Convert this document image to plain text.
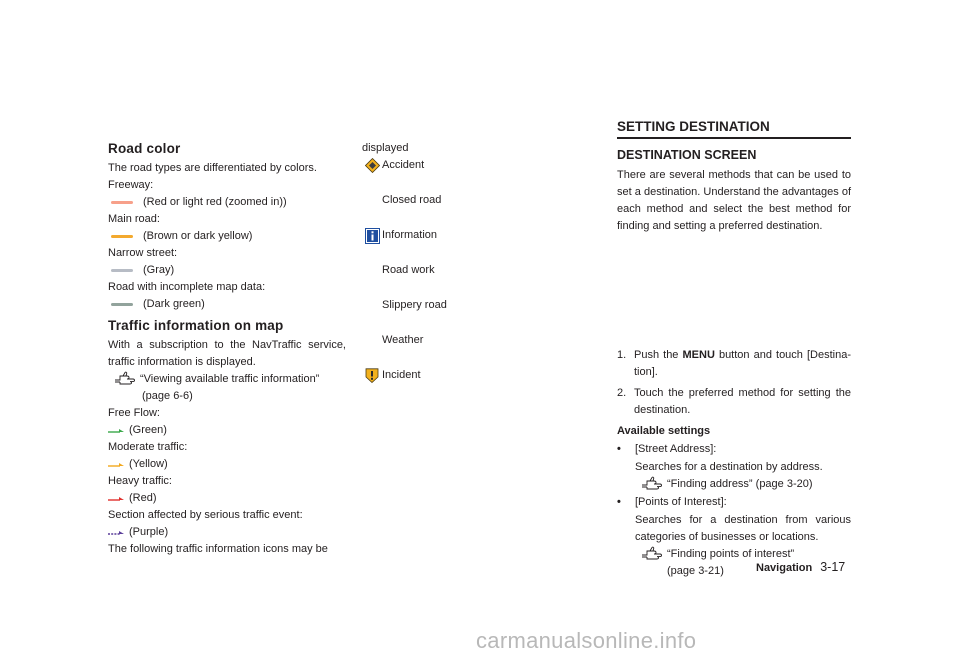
Road color

The road types are differentiated by colors.

Freeway:

(Red or light red (zoomed in))

Main road:

(Brown or dark yellow)

Narrow street:

(Gray)

Road with incomplete map data:

(Dark green)
Traffic information on map

With a subscription to the NavTraffic service, traffic information is displayed.

“Viewing available traffic information”
(page 6-6)

Free Flow:

(Green)

Moderate traffic:

(Yellow)

Heavy traffic:

(Red)

Section affected by serious traffic event:

(Purple)

The following traffic information icons may be

displayed

Accident
Closed road
Information
Road work
Slippery road
Weather
Incident
SETTING DESTINATION
DESTINATION SCREEN

There are several methods that can be used to set a destination. Understand the advantages of each method and select the best method for finding and setting a preferred destination.

1. Push the MENU button and touch [Destina-tion].
2. Touch the preferred method for setting the destination.

Available settings

•	[Street Address]:

Searches for a destination by address.

“Finding address” (page 3-20)
•	[Points of Interest]:

Searches for a destination from various categories of businesses or locations.

“Finding points of interest”
(page 3-21)	Navigation 3-17
carmanualsonline.info
